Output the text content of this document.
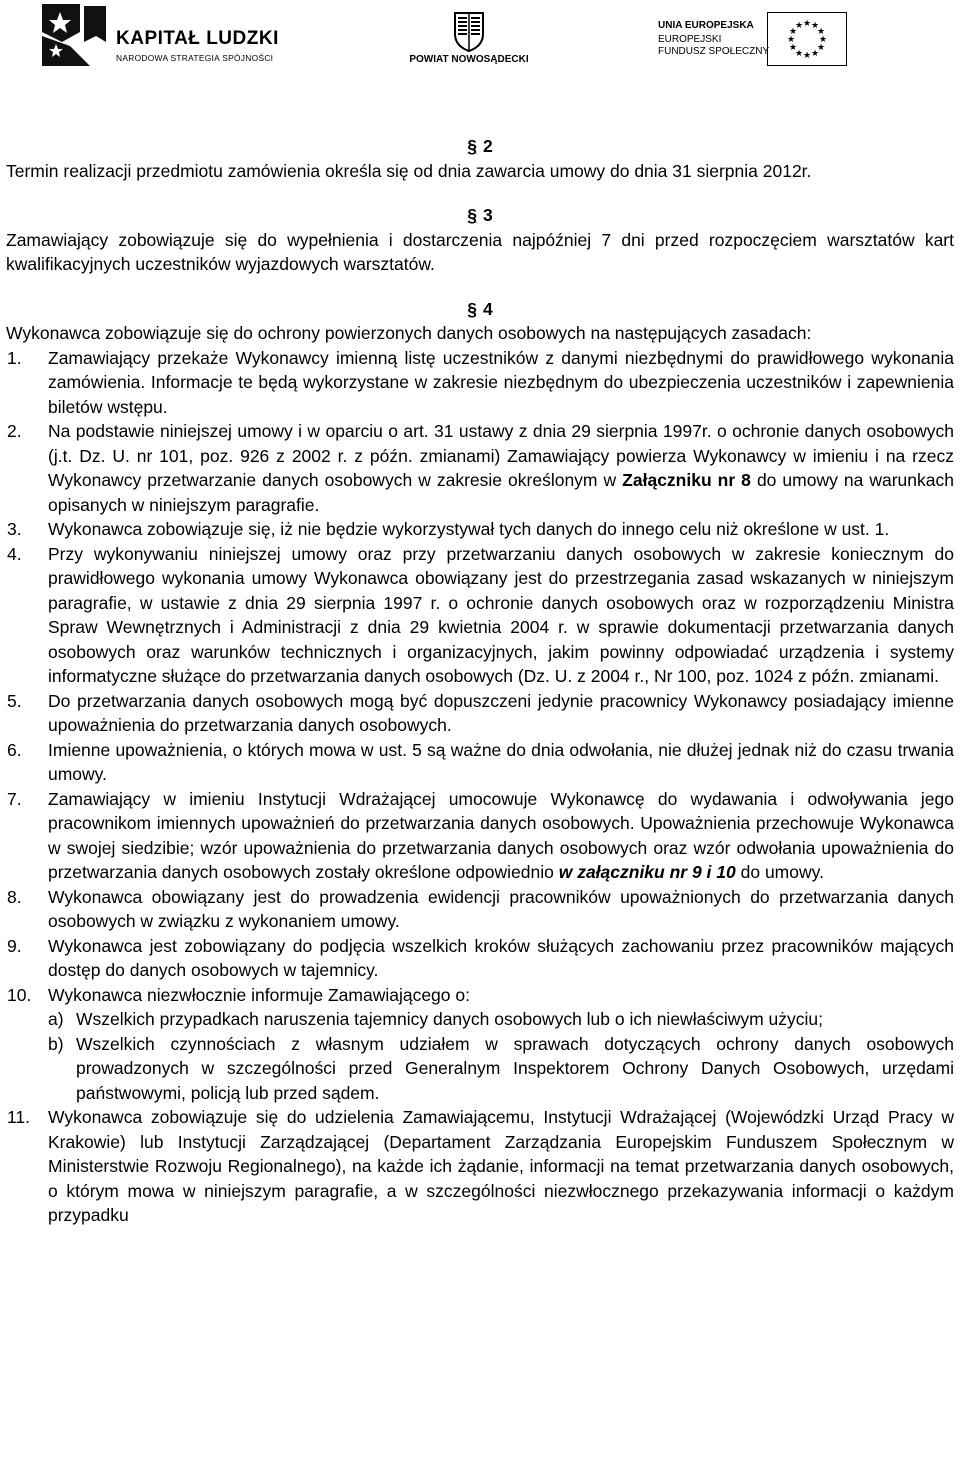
KAPITAŁ LUDZKI
NARODOWA STRATEGIA SPÓJNOŚCI	POWIAT NOWOSĄDECKI
UNIA EUROPEJSKA
EUROPEJSKI
FUNDUSZ SPOŁECZNY
★ ★
★
★
★
★
★
★
★
★
★
★

§ 2

Termin realizacji przedmiotu zamówienia określa się od dnia zawarcia umowy do dnia 31 sierpnia 2012r.

§ 3

Zamawiający zobowiązuje się do wypełnienia i dostarczenia najpóźniej 7 dni przed rozpoczęciem warsztatów kart kwalifikacyjnych uczestników wyjazdowych warsztatów.

§ 4

Wykonawca zobowiązuje się do ochrony powierzonych danych osobowych na następujących zasadach:

1. Zamawiający przekaże Wykonawcy imienną listę uczestników z danymi niezbędnymi do prawidłowego wykonania zamówienia. Informacje te będą wykorzystane w zakresie niezbędnym do ubezpieczenia uczestników i zapewnienia biletów wstępu.
2. Na podstawie niniejszej umowy i w oparciu o art. 31 ustawy z dnia 29 sierpnia 1997r. o ochronie danych osobowych (j.t. Dz. U. nr 101, poz. 926 z 2002 r. z późn. zmianami) Zamawiający powierza Wykonawcy w imieniu i na rzecz Wykonawcy przetwarzanie danych osobowych w zakresie określonym w Załączniku nr 8 do umowy na warunkach opisanych w niniejszym paragrafie.
3. Wykonawca zobowiązuje się, iż nie będzie wykorzystywał tych danych do innego celu niż określone w ust. 1.
4. Przy wykonywaniu niniejszej umowy oraz przy przetwarzaniu danych osobowych w zakresie koniecznym do prawidłowego wykonania umowy Wykonawca obowiązany jest do przestrzegania zasad wskazanych w niniejszym paragrafie, w ustawie z dnia 29 sierpnia 1997 r. o ochronie danych osobowych oraz w rozporządzeniu Ministra Spraw Wewnętrznych i Administracji z dnia 29 kwietnia 2004 r. w sprawie dokumentacji przetwarzania danych osobowych oraz warunków technicznych i organizacyjnych, jakim powinny odpowiadać urządzenia i systemy informatyczne służące do przetwarzania danych osobowych (Dz. U. z 2004 r., Nr 100, poz. 1024 z późn. zmianami.
5. Do przetwarzania danych osobowych mogą być dopuszczeni jedynie pracownicy Wykonawcy posiadający imienne upoważnienia do przetwarzania danych osobowych.
6. Imienne upoważnienia, o których mowa w ust. 5 są ważne do dnia odwołania, nie dłużej jednak niż do czasu trwania umowy.
7. Zamawiający w imieniu Instytucji Wdrażającej umocowuje Wykonawcę do wydawania i odwoływania jego pracownikom imiennych upoważnień do przetwarzania danych osobowych. Upoważnienia przechowuje Wykonawca w swojej siedzibie; wzór upoważnienia do przetwarzania danych osobowych oraz wzór odwołania upoważnienia do przetwarzania danych osobowych zostały określone odpowiednio w załączniku nr 9 i 10 do umowy.
8. Wykonawca obowiązany jest do prowadzenia ewidencji pracowników upoważnionych do przetwarzania danych osobowych w związku z wykonaniem umowy.
9. Wykonawca jest zobowiązany do podjęcia wszelkich kroków służących zachowaniu przez pracowników mających dostęp do danych osobowych w tajemnicy.
10. Wykonawca niezwłocznie informuje Zamawiającego o:
a) Wszelkich przypadkach naruszenia tajemnicy danych osobowych lub o ich niewłaściwym użyciu;
b) Wszelkich czynnościach z własnym udziałem w sprawach dotyczących ochrony danych osobowych prowadzonych w szczególności przed Generalnym Inspektorem Ochrony Danych Osobowych, urzędami państwowymi, policją lub przed sądem.
11. Wykonawca zobowiązuje się do udzielenia Zamawiającemu, Instytucji Wdrażającej (Wojewódzki Urząd Pracy w Krakowie) lub Instytucji Zarządzającej (Departament Zarządzania Europejskim Funduszem Społecznym w Ministerstwie Rozwoju Regionalnego), na każde ich żądanie, informacji na temat przetwarzania danych osobowych, o którym mowa w niniejszym paragrafie, a w szczególności niezwłocznego przekazywania informacji o każdym przypadku
